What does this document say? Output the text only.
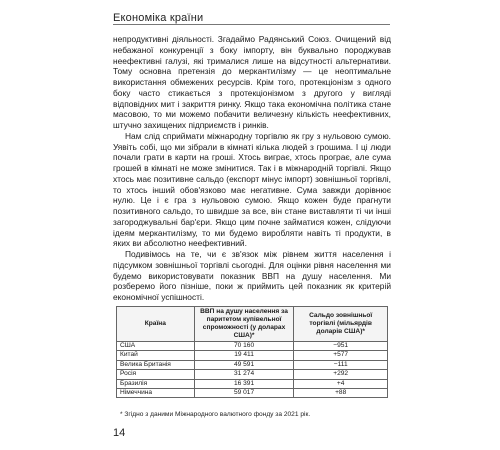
Економіка країни

непродуктивні діяльності. Згадаймо Радянський Союз. Очищений від небажаної конкуренції з боку імпорту, він буквально породжував неефективні галузі, які трималися лише на відсутності альтернативи. Тому основна претензія до меркантилізму — це неоптимальне використання обмежених ресурсів. Крім того, протекціонізм з одного боку часто стикається з протекціонізмом з другого у вигляді відповідних мит і закриття ринку. Якщо така економічна політика стане масовою, то ми можемо побачити величезну кількість неефективних, штучно захищених підприємств і ринків.

Нам слід сприймати міжнародну торгівлю як гру з нульовою сумою. Уявіть собі, що ми зібрали в кімнаті кілька людей з грошима. І ці люди почали грати в карти на гроші. Хтось виграє, хтось програє, але сума грошей в кімнаті не може змінитися. Так і в міжнародній торгівлі. Якщо хтось має позитивне сальдо (експорт мінус імпорт) зовнішньої торгівлі, то хтось інший обов'язково має негативне. Сума завжди дорівнює нулю. Це і є гра з нульовою сумою. Якщо кожен буде прагнути позитивного сальдо, то швидше за все, він стане виставляти ті чи інші загороджувальні бар'єри. Якщо цим почне займатися кожен, слідуючи ідеям меркантилізму, то ми будемо виробляти навіть ті продукти, в яких ви абсолютно неефективний.

Подивімось на те, чи є зв'язок між рівнем життя населення і підсумком зовнішньої торгівлі сьогодні. Для оцінки рівня населення ми будемо використовувати показник ВВП на душу населення. Ми розберемо його пізніше, поки ж приймить цей показник як критерій економічної успішності.

Країна	ВВП на душу населення за паритетом купівельної спроможності (у доларах США)*	Сальдо зовнішньої торгівлі (мільярдів доларів США)*
США	70 160	−951
Китай	19 411	+577
Велика Британія	49 591	−111
Росія	31 274	+292
Бразилія	16 391	+4
Німеччина	59 017	+88
* Згідно з даними Міжнародного валютного фонду за 2021 рік.
14
